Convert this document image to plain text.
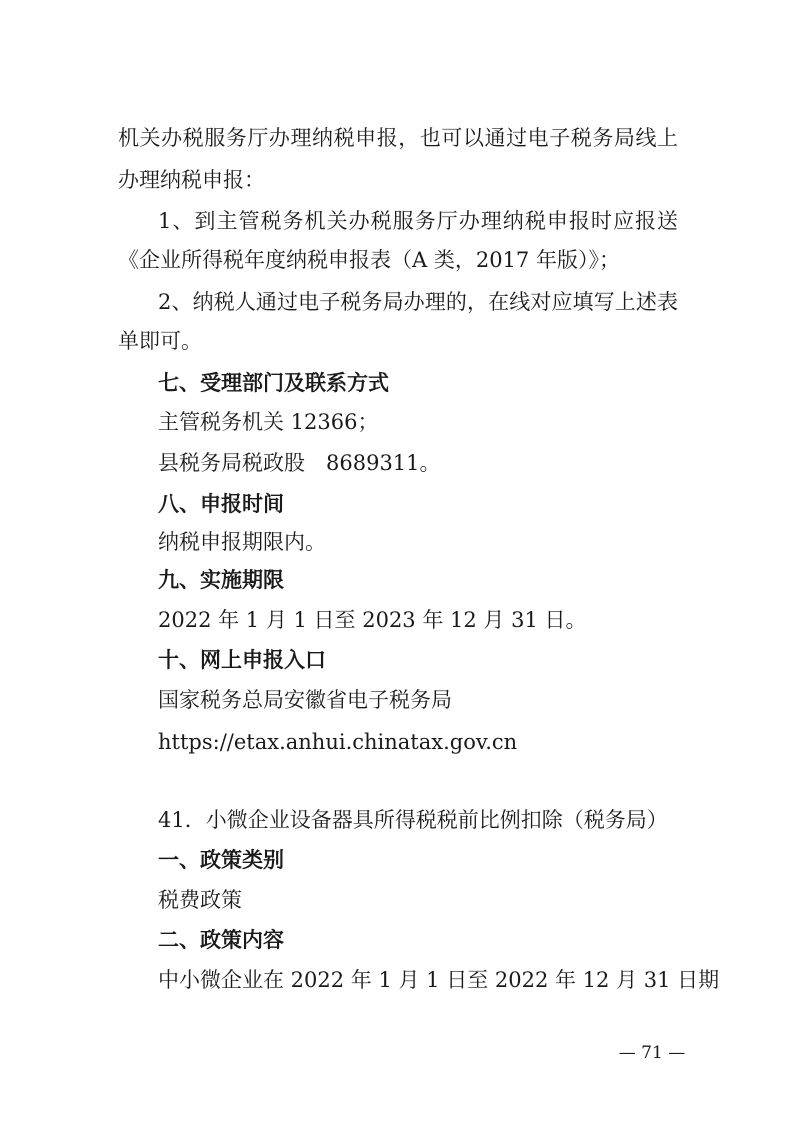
机关办税服务厅办理纳税申报，也可以通过电子税务局线上
办理纳税申报：
1、到主管税务机关办税服务厅办理纳税申报时应报送
《企业所得税年度纳税申报表（A 类，2017 年版）》；
2、纳税人通过电子税务局办理的，在线对应填写上述表
单即可。
七、受理部门及联系方式
主管税务机关 12366；
县税务局税政股　8689311。
八、申报时间
纳税申报期限内。
九、实施期限
2022 年 1 月 1 日至 2023 年 12 月 31 日。
十、网上申报入口
国家税务总局安徽省电子税务局
https://etax.anhui.chinatax.gov.cn
41．小微企业设备器具所得税税前比例扣除（税务局）
一、政策类别
税费政策
二、政策内容
中小微企业在 2022 年 1 月 1 日至 2022 年 12 月 31 日期
— 71 —
